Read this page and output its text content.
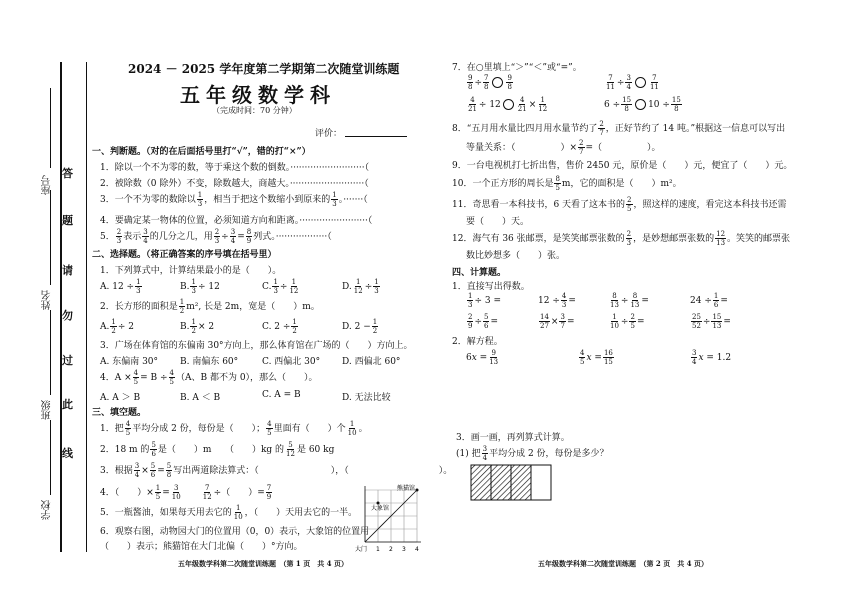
答
题
请
勿
过
此
线
座号
姓名
班级
学校
2024 － 2025 学年度第二学期第二次随堂训练题
五年级数学科
（完成时间：70 分钟）
评价：
一、判断题。（对的在后面括号里打“√”，错的打“×”）
1．除以一个不为零的数，等于乘这个数的倒数。··························（
2．被除数（0 除外）不变，除数越大，商越大。··························（
3．一个不为零的数除以 $\frac{1}{3}$ ，相当于把这个数缩小到原来的 $\frac{1}{3}$ 。·······（
4．要确定某一物体的位置，必须知道方向和距离。························（
5． $\frac{2}{3}$ 表示 $\frac{3}{4}$ 的几分之几，用 $\frac{2}{3} \div \frac{3}{4} = \frac{8}{9}$ 列式。··················（
二、选择题。（将正确答案的序号填在括号里）
1．下列算式中，计算结果最小的是（　　）。
A. $12 \div \frac{1}{3}$	B. $\frac{1}{3} \div 12$	C. $\frac{1}{3} \div \frac{1}{12}$	D. $\frac{1}{12} \div \frac{1}{3}$
2．长方形的面积是 $\frac{1}{2} m^2$, 长是 2m，宽是（　　）m。
A. $\frac{1}{2} \div 2$	B. $\frac{1}{2} \times 2$	C. $2 \div \frac{1}{2}$	D. $2 - \frac{1}{2}$
3．广场在体育馆的东偏南 30°方向上，那么体育馆在广场的（　　）方向上。
A. 东偏南 30° B. 南偏东 60°	C. 西偏北 30° D. 西偏北 60°
4．$A \times \frac{4}{5} = B \div \frac{4}{5} (A$、B 都不为 0），那么（　　）。
A. A ＞ B	B. A ＜ B	C. A = B	D. 无法比较
三、填空题。
1．把 $\frac{4}{5}$ 平均分成 2 份，每份是（　　）； $\frac{4}{5}$ 里面有（　　）个 $\frac{1}{10}$ 。
2．18 m 的 $\frac{5}{6}$ 是（　　）m　　（　　）kg 的 $\frac{5}{12}$ 是 60 kg
3．根据 $\frac{3}{4} \times \frac{5}{6} = \frac{5}{8}$ 写出两道除法算式：（　　　　　　　　），（　　　　　　　　　　）。
4．（　　）× $\frac{1}{5} = \frac{3}{10}$
　　	$\frac{7}{12}$ ÷（　　）= $\frac{7}{9}$
5．一瓶酱油，如果每天用去它的 $\frac{1}{10}$ ，（　　）天用去它的一半。
6．观察右图，动物园大门的位置用（0，0）表示，大象馆的位置用
（　　）表示；熊猫馆在大门北偏（　　）°方向。
熊猫馆
大象馆
大门 1 2 3 4
五年级数学科第二次随堂训练题　（第 1 页　共 4 页）
7．在○里填上“＞”“＜”或“=”。
$\frac{9}{8} \div \frac{7}{8} \frac{9}{8}$	$\frac{7}{11} \div \frac{3}{4} \frac{7}{11}$
$\frac{4}{21} \div 12 \frac{4}{21} \times \frac{1}{12}$	$6 \div \frac{15}{8} 10 \div \frac{15}{8}$
8．“五月用水量比四月用水量节约了 $\frac{2}{7}$ ，正好节约了 14 吨。”根据这一信息可以写出
等量关系：（　　　　　）× $\frac{2}{7}$ =（　　　　　）。
9．一台电视机打七折出售，售价 2450 元，原价是（　　）元，便宜了（　　）元。
10．一个正方形的周长是 $\frac{8}{5}$ m，它的面积是（　　）m²。
11．奇思看一本科技书，6 天看了这本书的 $\frac{2}{5}$ ，照这样的速度，看完这本科技书还需
要（　　）天。
12．海气有 36 张邮票，是笑笑邮票张数的 $\frac{2}{3}$ ，是妙想邮票张数的 $\frac{12}{13}$ 。笑笑的邮票张
数比妙想多（　　）张。
四、计算题。
1．直接写出得数。
$\frac{1}{3} \div 3$ =	$12 \div \frac{4}{3}$ =	$\frac{8}{13} \div \frac{8}{13}$ =	$24 \div \frac{1}{6}$ =
$\frac{2}{9} \div \frac{5}{6}$ =	$\frac{14}{27} \times \frac{3}{7}$ =	$\frac{1}{10} \div \frac{2}{5}$ =	$\frac{25}{52} \div \frac{15}{13}$ =
2．解方程。
$6x = \frac{9}{13}$	$\frac{4}{5}$ $x = \frac{16}{15}$	$\frac{3}{4}$ x = 1.2
3．画一画，再列算式计算。
(1) 把 $\frac{3}{4}$ 平均分成 2 份，每份是多少？
五年级数学科第二次随堂训练题　（第 2 页　共 4 页）
